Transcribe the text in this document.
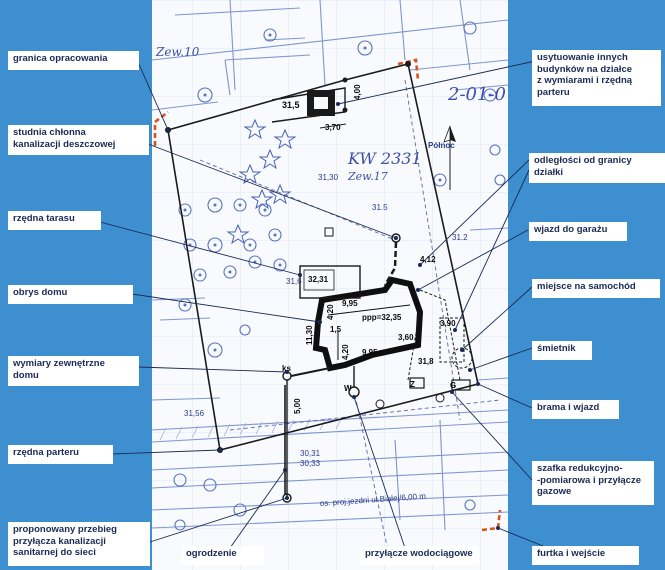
Zew.10
KW 2331
Zew.17
Północ
2-01-0
31,5
31.5
31,30
31.2
32,31
31,6
31,56
31,8
4,00
3,70
4,12
9,95
9,95
11,30
4,20
4,20
1,5
3,60
3,90
5,00
ppp=32,35
ks
W	G
Z
os. proj.jezdni ul.Białej/6,00 m
30,31
30,33
granica opracowania
studnia chłonna
kanalizacji deszczowej
rzędna tarasu
obrys domu
wymiary zewnętrzne
domu
rzędna parteru
proponowany przebieg
przyłącza kanalizacji
sanitarnej do sieci	ogrodzenie	przyłącze wodociągowe	furtka i wejście
usytuowanie innych
budynków na działce
z wymiarami i rzędną
parteru
odległości od granicy
działki
wjazd do garażu
miejsce na samochód
śmietnik
brama i wjazd
szafka redukcyjno-
-pomiarowa i przyłącze
gazowe
